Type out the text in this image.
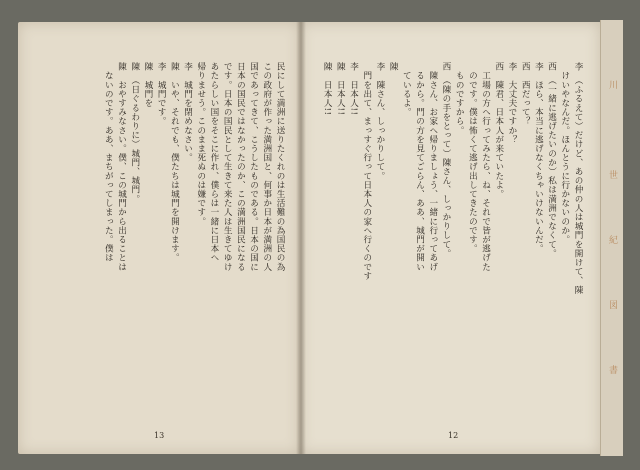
民にして満洲に送りたくれのは生活難の為国民の為
この政府が作った満洲国と、何事か日本が満洲の人
国であってきて、こうしたものである。日本の国に
日本の国民ではなかったのか、この満洲国民になる
です。日本の国民として生きて来た人は生きてゆけ
あたらしい国をそこに作れ、僕らは一緒に日本へ
帰りませう。このまま死ぬのは嫌です。
李　城門を閉めなさい。
陳　いや、それでも、僕たちは城門を開けます。
李　城門です。
陳　城門を
陳　（日ぐるわりに）城門、城門。
陳　おやすみなさい。僕、この城門から出ることは
　ないのです。ああ、まちがってしまった。僕は　
13
李　（ふるえて）だけど、あの仲の人は城門を開けて、陳
　けいやなんだ。ほんとうに行かないのか。
西　（一緒に逃げたいのか）私は満洲でなくて。
李　ほら、本当に逃げなくちゃいけないんだ。
西　西だって？
李　大丈夫ですか？
西　陳君、日本人が来ていたよ。
　工場の方へ行ってみたら、ね、それで皆が逃げた
　のです。僕は怖くて逃げ出してきたのです。
　ものですから。
西　（陳の手をとって）陳さん、しっかりして。
　陳さん、お家へ帰りましょう、一緒に行ってあげ
　るから。門の方を見てごらん、ああ、城門が開い
　ているよ。
陳
李　陳さん、しっかりして。
　門を出て、まっすぐ行って日本人の家へ行くのです
李　日本人!!
陳　日本人!!
陳　日本人!!
12
川
世
紀
図
書
